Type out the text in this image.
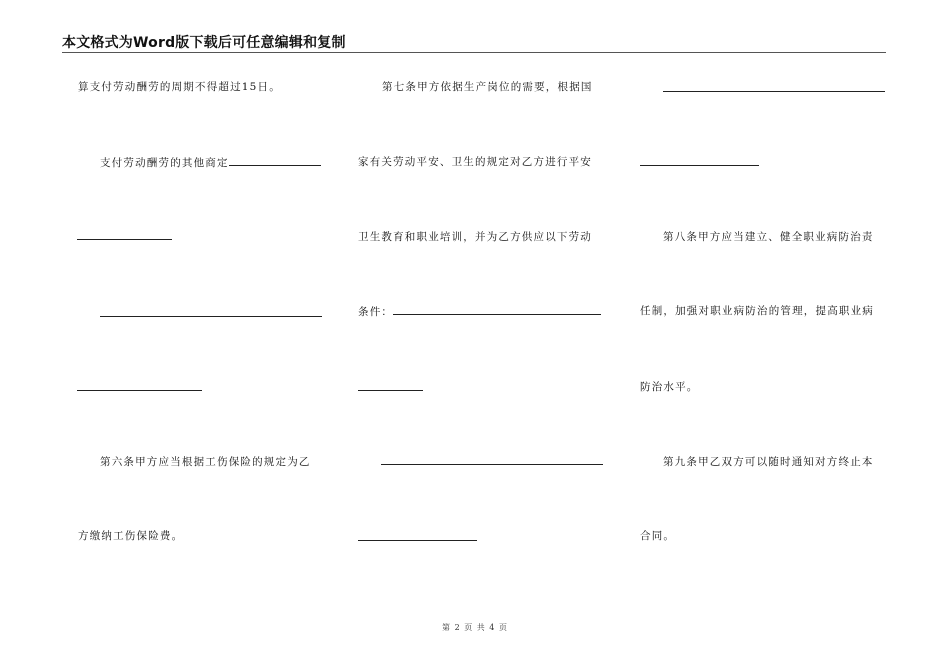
本文格式为Word版下载后可任意编辑和复制
算支付劳动酬劳的周期不得超过15日。
支付劳动酬劳的其他商定
第六条甲方应当根据工伤保险的规定为乙
方缴纳工伤保险费。
第七条甲方依据生产岗位的需要，根据国
家有关劳动平安、卫生的规定对乙方进行平安
卫生教育和职业培训，并为乙方供应以下劳动
条件：
第八条甲方应当建立、健全职业病防治责
任制，加强对职业病防治的管理，提高职业病
防治水平。
第九条甲乙双方可以随时通知对方终止本
合同。
第 2 页 共 4 页
